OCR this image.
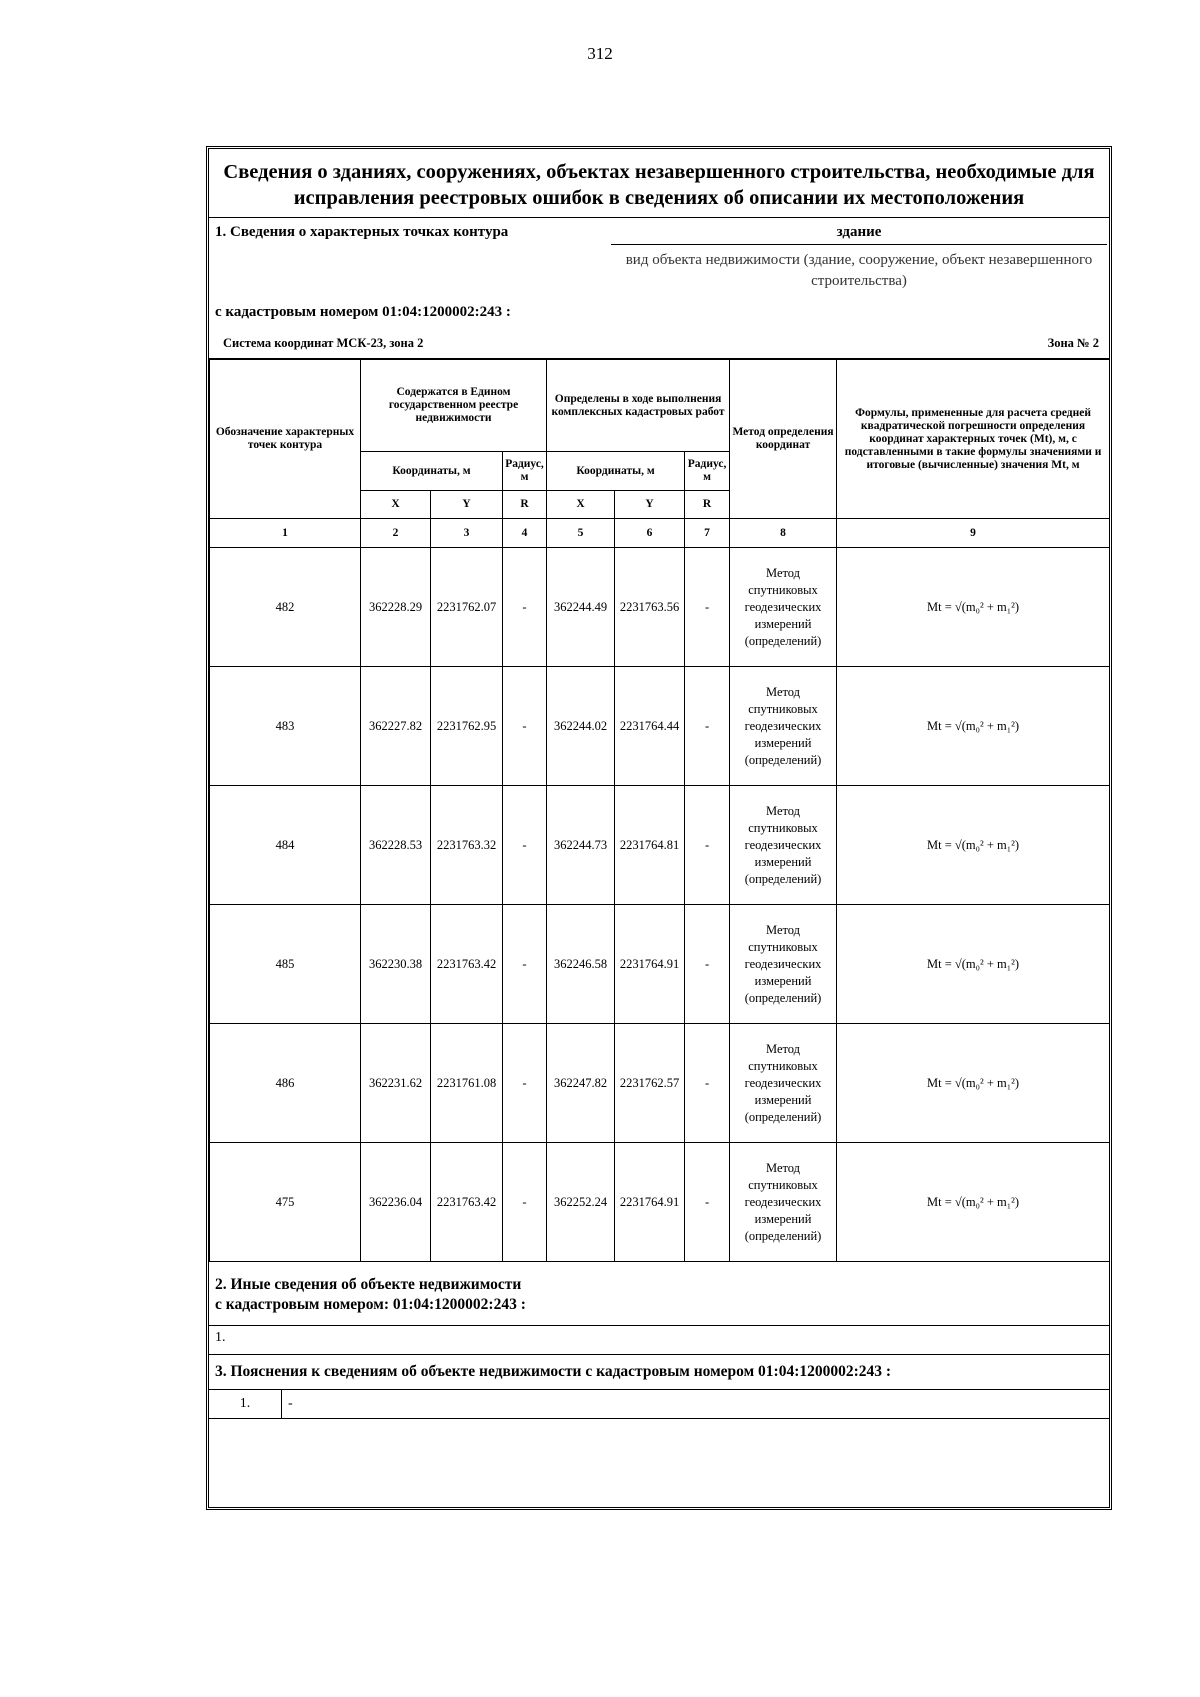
312
Сведения о зданиях, сооружениях, объектах незавершенного строительства, необходимые для исправления реестровых ошибок в сведениях об описании их местоположения
1. Сведения о характерных точках контура	здание
вид объекта недвижимости (здание, сооружение, объект незавершенного строительства)
с кадастровым номером 01:04:1200002:243 :
Система координат МСК-23, зона 2	Зона № 2
Обозначение характерных точек контура	Содержатся в Едином государственном реестре недвижимости			Определены в ходе выполнения комплексных кадастровых работ			Метод определения координат	Формулы, примененные для расчета средней квадратической погрешности определения координат характерных точек (Mt), м, с подставленными в такие формулы значениями и итоговые (вычисленные) значения Mt, м
	Координаты, м		Радиус, м	Координаты, м		Радиус, м		
	X	Y	R	X	Y	R		
1	2	3	4	5	6	7	8	9
482	362228.29	2231762.07	-	362244.49	2231763.56	-	Метод спутниковых геодезических измерений (определений)	Mt = √(m₀² + m₁²)
483	362227.82	2231762.95	-	362244.02	2231764.44	-	Метод спутниковых геодезических измерений (определений)	Mt = √(m₀² + m₁²)
484	362228.53	2231763.32	-	362244.73	2231764.81	-	Метод спутниковых геодезических измерений (определений)	Mt = √(m₀² + m₁²)
485	362230.38	2231763.42	-	362246.58	2231764.91	-	Метод спутниковых геодезических измерений (определений)	Mt = √(m₀² + m₁²)
486	362231.62	2231761.08	-	362247.82	2231762.57	-	Метод спутниковых геодезических измерений (определений)	Mt = √(m₀² + m₁²)
475	362236.04	2231763.42	-	362252.24	2231764.91	-	Метод спутниковых геодезических измерений (определений)	Mt = √(m₀² + m₁²)
2. Иные сведения об объекте недвижимости
с кадастровым номером: 01:04:1200002:243 :
1.
3. Пояснения к сведениям об объекте недвижимости с кадастровым номером 01:04:1200002:243 :
1.	-
